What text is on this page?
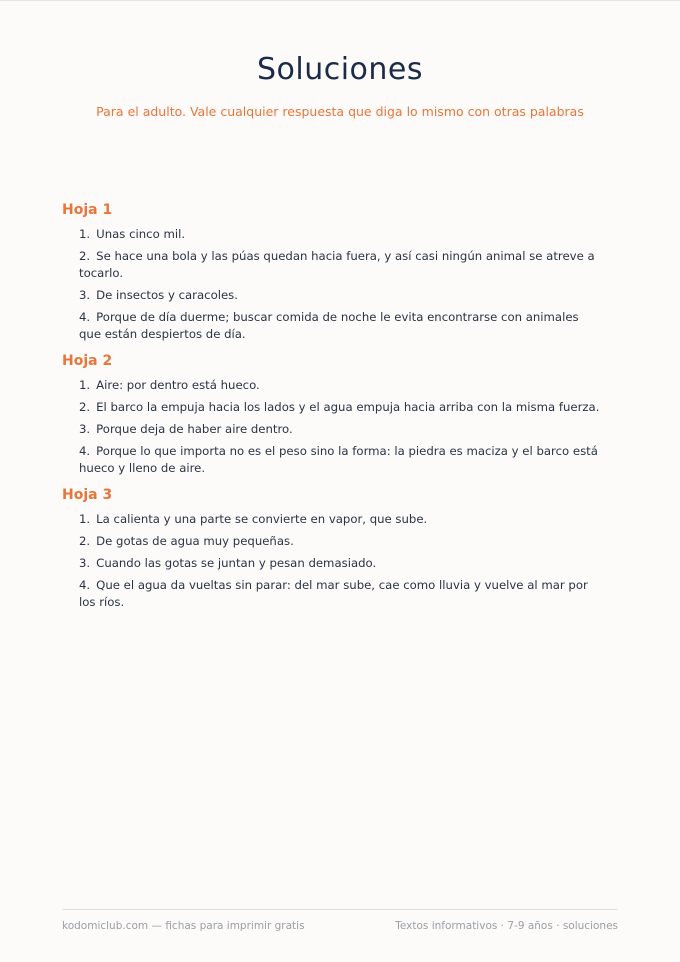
Soluciones
Para el adulto. Vale cualquier respuesta que diga lo mismo con otras palabras
Hoja 1
1. Unas cinco mil.
2. Se hace una bola y las púas quedan hacia fuera, y así casi ningún animal se atreve a tocarlo.
3. De insectos y caracoles.
4. Porque de día duerme; buscar comida de noche le evita encontrarse con animales que están despiertos de día.
Hoja 2
1. Aire: por dentro está hueco.
2. El barco la empuja hacia los lados y el agua empuja hacia arriba con la misma fuerza.
3. Porque deja de haber aire dentro.
4. Porque lo que importa no es el peso sino la forma: la piedra es maciza y el barco está hueco y lleno de aire.
Hoja 3
1. La calienta y una parte se convierte en vapor, que sube.
2. De gotas de agua muy pequeñas.
3. Cuando las gotas se juntan y pesan demasiado.
4. Que el agua da vueltas sin parar: del mar sube, cae como lluvia y vuelve al mar por los ríos.
kodomiclub.com — fichas para imprimir gratis	Textos informativos · 7-9 años · soluciones
